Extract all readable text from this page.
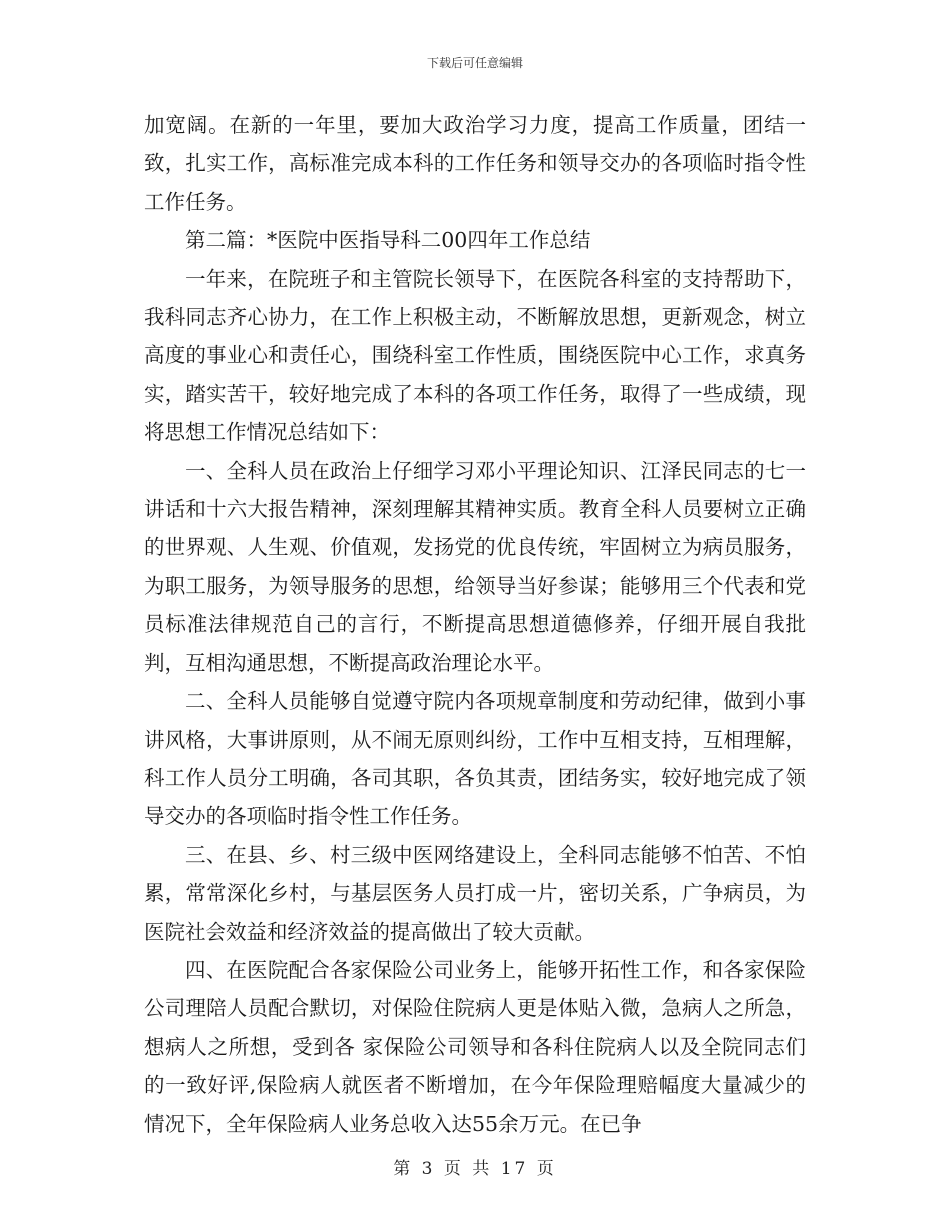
下载后可任意编辑

加宽阔。在新的一年里，要加大政治学习力度，提高工作质量，团结一致，扎实工作，高标准完成本科的工作任务和领导交办的各项临时指令性工作任务。

第二篇：*医院中医指导科二00四年工作总结

一年来，在院班子和主管院长领导下，在医院各科室的支持帮助下，我科同志齐心协力，在工作上积极主动，不断解放思想，更新观念，树立高度的事业心和责任心，围绕科室工作性质，围绕医院中心工作，求真务实，踏实苦干，较好地完成了本科的各项工作任务，取得了一些成绩，现将思想工作情况总结如下：

一、全科人员在政治上仔细学习邓小平理论知识、江泽民同志的七一讲话和十六大报告精神，深刻理解其精神实质。教育全科人员要树立正确的世界观、人生观、价值观，发扬党的优良传统，牢固树立为病员服务，为职工服务，为领导服务的思想，给领导当好参谋；能够用三个代表和党员标准法律规范自己的言行，不断提高思想道德修养，仔细开展自我批判，互相沟通思想，不断提高政治理论水平。

二、全科人员能够自觉遵守院内各项规章制度和劳动纪律，做到小事讲风格，大事讲原则，从不闹无原则纠纷，工作中互相支持，互相理解，科工作人员分工明确，各司其职，各负其责，团结务实，较好地完成了领导交办的各项临时指令性工作任务。

三、在县、乡、村三级中医网络建设上，全科同志能够不怕苦、不怕累，常常深化乡村，与基层医务人员打成一片，密切关系，广争病员，为医院社会效益和经济效益的提高做出了较大贡献。

四、在医院配合各家保险公司业务上，能够开拓性工作，和各家保险公司理陪人员配合默切，对保险住院病人更是体贴入微，急病人之所急，想病人之所想，受到各 家保险公司领导和各科住院病人以及全院同志们的一致好评,保险病人就医者不断增加，在今年保险理赔幅度大量减少的情况下，全年保险病人业务总收入达55余万元。在已争

第 3 页 共 17 页
